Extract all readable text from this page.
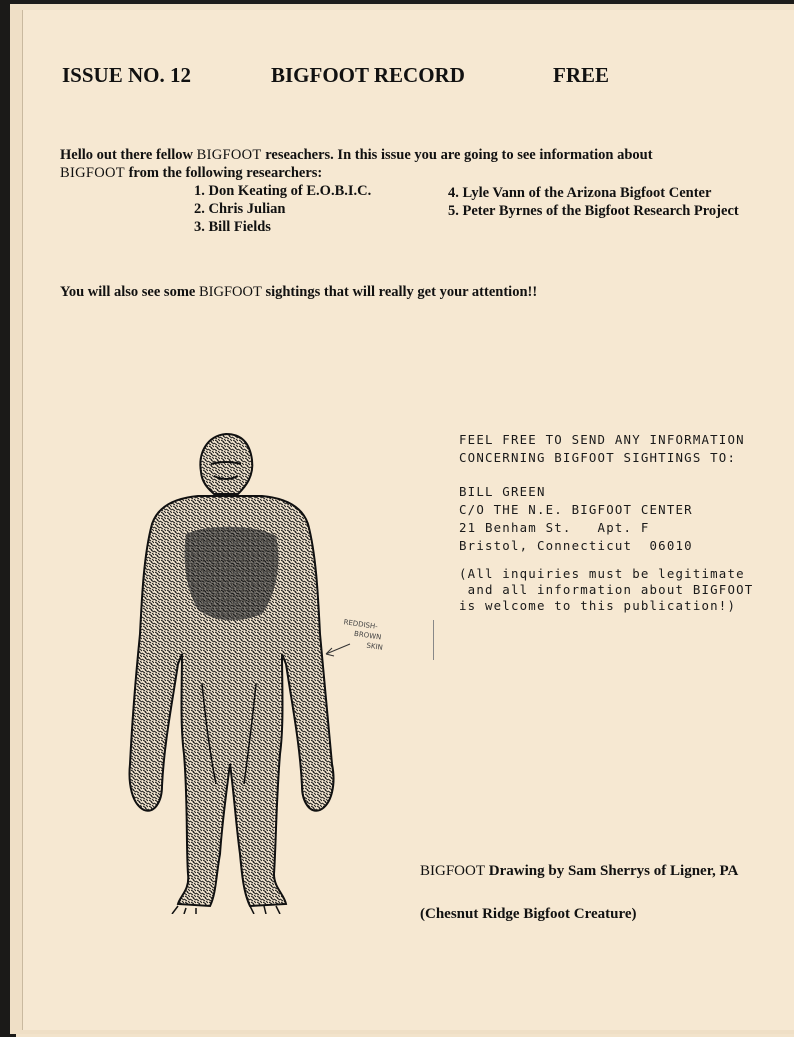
ISSUE NO. 12	BIGFOOT RECORD	FREE
Hello out there fellow BIGFOOT reseachers. In this issue you are going to see information about
BIGFOOT from the following researchers:
1. Don Keating of E.O.B.I.C.
2. Chris Julian
3. Bill Fields
4. Lyle Vann of the Arizona Bigfoot Center
5. Peter Byrnes of the Bigfoot Research Project
You will also see some BIGFOOT sightings that will really get your attention!!
FEEL FREE TO SEND ANY INFORMATION
CONCERNING BIGFOOT SIGHTINGS TO:
BILL GREEN
C/O THE N.E. BIGFOOT CENTER
21 Benham St.   Apt. F
Bristol, Connecticut  06010
(All inquiries must be legitimate
and all information about BIGFOOT
is welcome to this publication!)
REDDISH-
BROWN
SKIN
BIGFOOT Drawing by Sam Sherrys of Ligner, PA
(Chesnut Ridge Bigfoot Creature)
